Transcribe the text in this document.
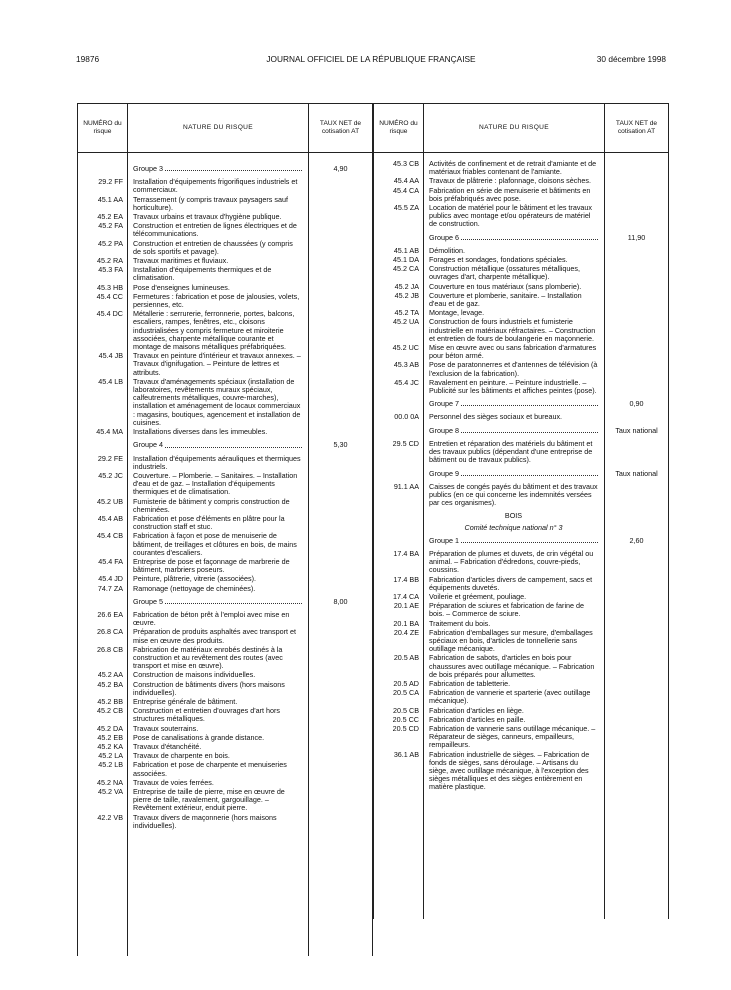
19876	JOURNAL OFFICIEL DE LA RÉPUBLIQUE FRANÇAISE	30 décembre 1998
NUMÉRO du risque
NATURE DU RISQUE
TAUX NET de cotisation AT
Groupe 3	4,90
29.2 FF Installation d'équipements frigorifiques industriels et commerciaux.
45.1 AA Terrassement (y compris travaux paysagers sauf horticulture).
45.2 EA Travaux urbains et travaux d'hygiène publique.
45.2 FA Construction et entretien de lignes électriques et de télécommunications.
45.2 PA Construction et entretien de chaussées (y compris de sols sportifs et pavage).
45.2 RA Travaux maritimes et fluviaux.
45.3 FA Installation d'équipements thermiques et de climatisation.
45.3 HB Pose d'enseignes lumineuses.
45.4 CC Fermetures : fabrication et pose de jalousies, volets, persiennes, etc.
45.4 DC Métallerie : serrurerie, ferronnerie, portes, balcons, escaliers, rampes, fenêtres, etc., cloisons industrialisées y compris fermeture et miroiterie associées, charpente métallique courante et montage de maisons métalliques préfabriquées.
45.4 JB Travaux en peinture d'intérieur et travaux annexes. – Travaux d'ignifugation. – Peinture de lettres et attributs.
45.4 LB Travaux d'aménagements spéciaux (installation de laboratoires, revêtements muraux spéciaux, calfeutrements métalliques, couvre-marches), installation et aménagement de locaux commerciaux : magasins, boutiques, agencement et installation de cuisines.
45.4 MA Installations diverses dans les immeubles.
Groupe 4	5,30
29.2 FE Installation d'équipements aérauliques et thermiques industriels.
45.2 JC Couverture. – Plomberie. – Sanitaires. – Installation d'eau et de gaz. – Installation d'équipements thermiques et de climatisation.
45.2 UB Fumisterie de bâtiment y compris construction de cheminées.
45.4 AB Fabrication et pose d'éléments en plâtre pour la construction staff et stuc.
45.4 CB Fabrication à façon et pose de menuiserie de bâtiment, de treillages et clôtures en bois, de mains courantes d'escaliers.
45.4 FA Entreprise de pose et façonnage de marbrerie de bâtiment, marbriers poseurs.
45.4 JD Peinture, plâtrerie, vitrerie (associées).
74.7 ZA Ramonage (nettoyage de cheminées).
Groupe 5	8,00
26.6 EA Fabrication de béton prêt à l'emploi avec mise en œuvre.
26.8 CA Préparation de produits asphaltés avec transport et mise en œuvre des produits.
26.8 CB Fabrication de matériaux enrobés destinés à la construction et au revêtement des routes (avec transport et mise en œuvre).
45.2 AA Construction de maisons individuelles.
45.2 BA Construction de bâtiments divers (hors maisons individuelles).
45.2 BB Entreprise générale de bâtiment.
45.2 CB Construction et entretien d'ouvrages d'art hors structures métalliques.
45.2 DA Travaux souterrains.
45.2 EB Pose de canalisations à grande distance.
45.2 KA Travaux d'étanchéité.
45.2 LA Travaux de charpente en bois.
45.2 LB Fabrication et pose de charpente et menuiseries associées.
45.2 NA Travaux de voies ferrées.
45.2 VA Entreprise de taille de pierre, mise en œuvre de pierre de taille, ravalement, gargouillage. – Revêtement extérieur, enduit pierre.
42.2 VB Travaux divers de maçonnerie (hors maisons individuelles).
NUMÉRO du risque
NATURE DU RISQUE
TAUX NET de cotisation AT
45.3 CB Activités de confinement et de retrait d'amiante et de matériaux friables contenant de l'amiante.
45.4 AA Travaux de plâtrerie : plafonnage, cloisons sèches.
45.4 CA Fabrication en série de menuiserie et bâtiments en bois préfabriqués avec pose.
45.5 ZA Location de matériel pour le bâtiment et les travaux publics avec montage et/ou opérateurs de matériel de construction.
Groupe 6	11,90
45.1 AB Démolition.
45.1 DA Forages et sondages, fondations spéciales.
45.2 CA Construction métallique (ossatures métalliques, ouvrages d'art, charpente métallique).
45.2 JA Couverture en tous matériaux (sans plomberie).
45.2 JB Couverture et plomberie, sanitaire. – Installation d'eau et de gaz.
45.2 TA Montage, levage.
45.2 UA Construction de fours industriels et fumisterie industrielle en matériaux réfractaires. – Construction et entretien de fours de boulangerie en maçonnerie.
45.2 UC Mise en œuvre avec ou sans fabrication d'armatures pour béton armé.
45.3 AB Pose de paratonnerres et d'antennes de télévision (à l'exclusion de la fabrication).
45.4 JC Ravalement en peinture. – Peinture industrielle. – Publicité sur les bâtiments et affiches peintes (pose).
Groupe 7	0,90
00.0 0A Personnel des sièges sociaux et bureaux.
Groupe 8	Taux national
29.5 CD Entretien et réparation des matériels du bâtiment et des travaux publics (dépendant d'une entreprise de bâtiment ou de travaux publics).
Groupe 9	Taux national
91.1 AA Caisses de congés payés du bâtiment et des travaux publics (en ce qui concerne les indemnités versées par ces organismes).
BOIS
Comité technique national n° 3
Groupe 1	2,60
17.4 BA Préparation de plumes et duvets, de crin végétal ou animal. – Fabrication d'édredons, couvre-pieds, coussins.
17.4 BB Fabrication d'articles divers de campement, sacs et équipements duvetés.
17.4 CA Voilerie et gréement, pouliage.
20.1 AE Préparation de sciures et fabrication de farine de bois. – Commerce de sciure.
20.1 BA Traitement du bois.
20.4 ZE Fabrication d'emballages sur mesure, d'emballages spéciaux en bois, d'articles de tonnellerie sans outillage mécanique.
20.5 AB Fabrication de sabots, d'articles en bois pour chaussures avec outillage mécanique. – Fabrication de bois préparés pour allumettes.
20.5 AD Fabrication de tabletterie.
20.5 CA Fabrication de vannerie et sparterie (avec outillage mécanique).
20.5 CB Fabrication d'articles en liège.
20.5 CC Fabrication d'articles en paille.
20.5 CD Fabrication de vannerie sans outillage mécanique. – Réparateur de sièges, canneurs, empailleurs, rempailleurs.
36.1 AB Fabrication industrielle de sièges. – Fabrication de fonds de sièges, sans déroulage. – Artisans du siège, avec outillage mécanique, à l'exception des sièges métalliques et des sièges entièrement en matière plastique.
